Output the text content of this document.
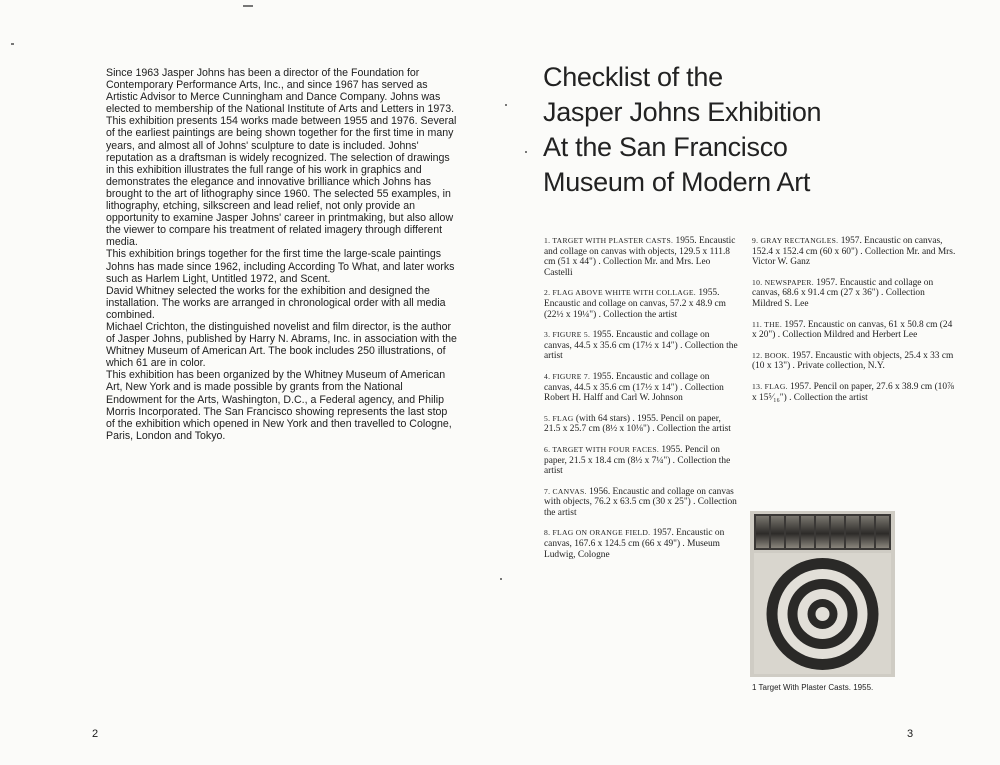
Since 1963 Jasper Johns has been a director of the Foundation for Contemporary Performance Arts, Inc., and since 1967 has served as Artistic Advisor to Merce Cunningham and Dance Company. Johns was elected to membership of the National Institute of Arts and Letters in 1973.

This exhibition presents 154 works made between 1955 and 1976. Several of the earliest paintings are being shown together for the first time in many years, and almost all of Johns' sculpture to date is included. Johns' reputation as a draftsman is widely recognized. The selection of drawings in this exhibition illustrates the full range of his work in graphics and demonstrates the elegance and innovative brilliance which Johns has brought to the art of lithography since 1960. The selected 55 examples, in lithography, etching, silkscreen and lead relief, not only provide an opportunity to examine Jasper Johns' career in printmaking, but also allow the viewer to compare his treatment of related imagery through different media.

This exhibition brings together for the first time the large-scale paintings Johns has made since 1962, including According To What, and later works such as Harlem Light, Untitled 1972, and Scent.

David Whitney selected the works for the exhibition and designed the installation. The works are arranged in chronological order with all media combined.

Michael Crichton, the distinguished novelist and film director, is the author of Jasper Johns, published by Harry N. Abrams, Inc. in association with the Whitney Museum of American Art. The book includes 250 illustrations, of which 61 are in color.

This exhibition has been organized by the Whitney Museum of American Art, New York and is made possible by grants from the National Endowment for the Arts, Washington, D.C., a Federal agency, and Philip Morris Incorporated. The San Francisco showing represents the last stop of the exhibition which opened in New York and then travelled to Cologne, Paris, London and Tokyo.

2
Checklist of the
Jasper Johns Exhibition
At the San Francisco
Museum of Modern Art

1. TARGET WITH PLASTER CASTS. 1955. Encaustic and collage on canvas with objects, 129.5 x 111.8 cm (51 x 44") . Collection Mr. and Mrs. Leo Castelli

2. FLAG ABOVE WHITE WITH COLLAGE. 1955. Encaustic and collage on canvas, 57.2 x 48.9 cm (22½ x 19¼") . Collection the artist

3. FIGURE 5. 1955. Encaustic and collage on canvas, 44.5 x 35.6 cm (17½ x 14") . Collection the artist

4. FIGURE 7. 1955. Encaustic and collage on canvas, 44.5 x 35.6 cm (17½ x 14") . Collection Robert H. Halff and Carl W. Johnson

5. FLAG (with 64 stars) . 1955. Pencil on paper, 21.5 x 25.7 cm (8½ x 10⅛") . Collection the artist

6. TARGET WITH FOUR FACES. 1955. Pencil on paper, 21.5 x 18.4 cm (8½ x 7¼") . Collection the artist

7. CANVAS. 1956. Encaustic and collage on canvas with objects, 76.2 x 63.5 cm (30 x 25") . Collection the artist

8. FLAG ON ORANGE FIELD. 1957. Encaustic on canvas, 167.6 x 124.5 cm (66 x 49") . Museum Ludwig, Cologne

9. GRAY RECTANGLES. 1957. Encaustic on canvas, 152.4 x 152.4 cm (60 x 60") . Collection Mr. and Mrs. Victor W. Ganz

10. NEWSPAPER. 1957. Encaustic and collage on canvas, 68.6 x 91.4 cm (27 x 36") . Collection Mildred S. Lee

11. THE. 1957. Encaustic on canvas, 61 x 50.8 cm (24 x 20") . Collection Mildred and Herbert Lee

12. BOOK. 1957. Encaustic with objects, 25.4 x 33 cm (10 x 13") . Private collection, N.Y.

13. FLAG. 1957. Pencil on paper, 27.6 x 38.9 cm (10⅞ x 15⁵⁄₁₆") . Collection the artist

1 Target With Plaster Casts. 1955.
3
